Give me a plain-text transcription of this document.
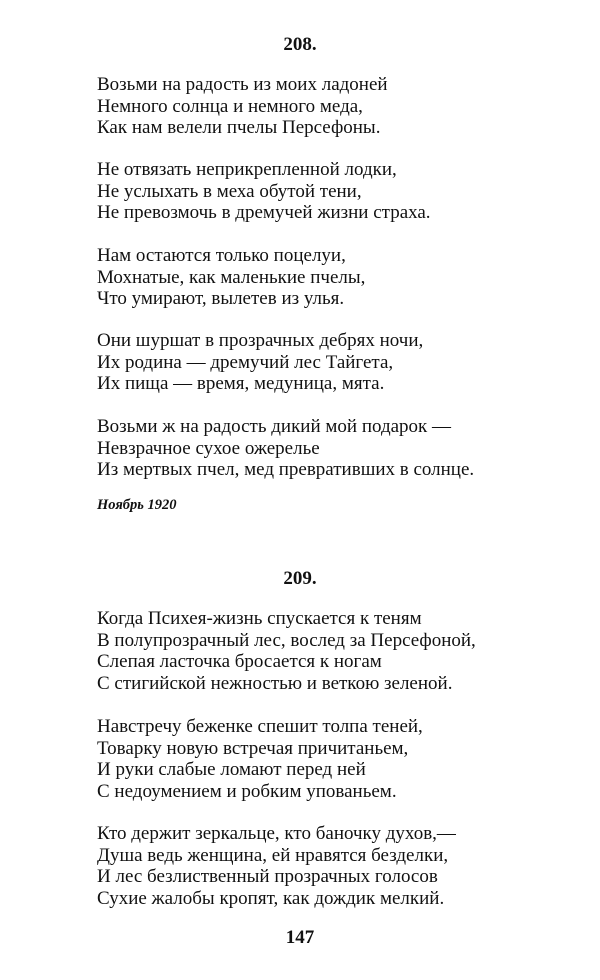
208.
Возьми на радость из моих ладоней
Немного солнца и немного меда,
Как нам велели пчелы Персефоны.
Не отвязать неприкрепленной лодки,
Не услыхать в меха обутой тени,
Не превозмочь в дремучей жизни страха.
Нам остаются только поцелуи,
Мохнатые, как маленькие пчелы,
Что умирают, вылетев из улья.
Они шуршат в прозрачных дебрях ночи,
Их родина — дремучий лес Тайгета,
Их пища — время, медуница, мята.
Возьми ж на радость дикий мой подарок —
Невзрачное сухое ожерелье
Из мертвых пчел, мед превративших в солнце.
Ноябрь 1920
209.
Когда Психея-жизнь спускается к теням
В полупрозрачный лес, вослед за Персефоной,
Слепая ласточка бросается к ногам
С стигийской нежностью и веткою зеленой.
Навстречу беженке спешит толпа теней,
Товарку новую встречая причитаньем,
И руки слабые ломают перед ней
С недоумением и робким упованьем.
Кто держит зеркальце, кто баночку духов,—
Душа ведь женщина, ей нравятся безделки,
И лес безлиственный прозрачных голосов
Сухие жалобы кропят, как дождик мелкий.
147
